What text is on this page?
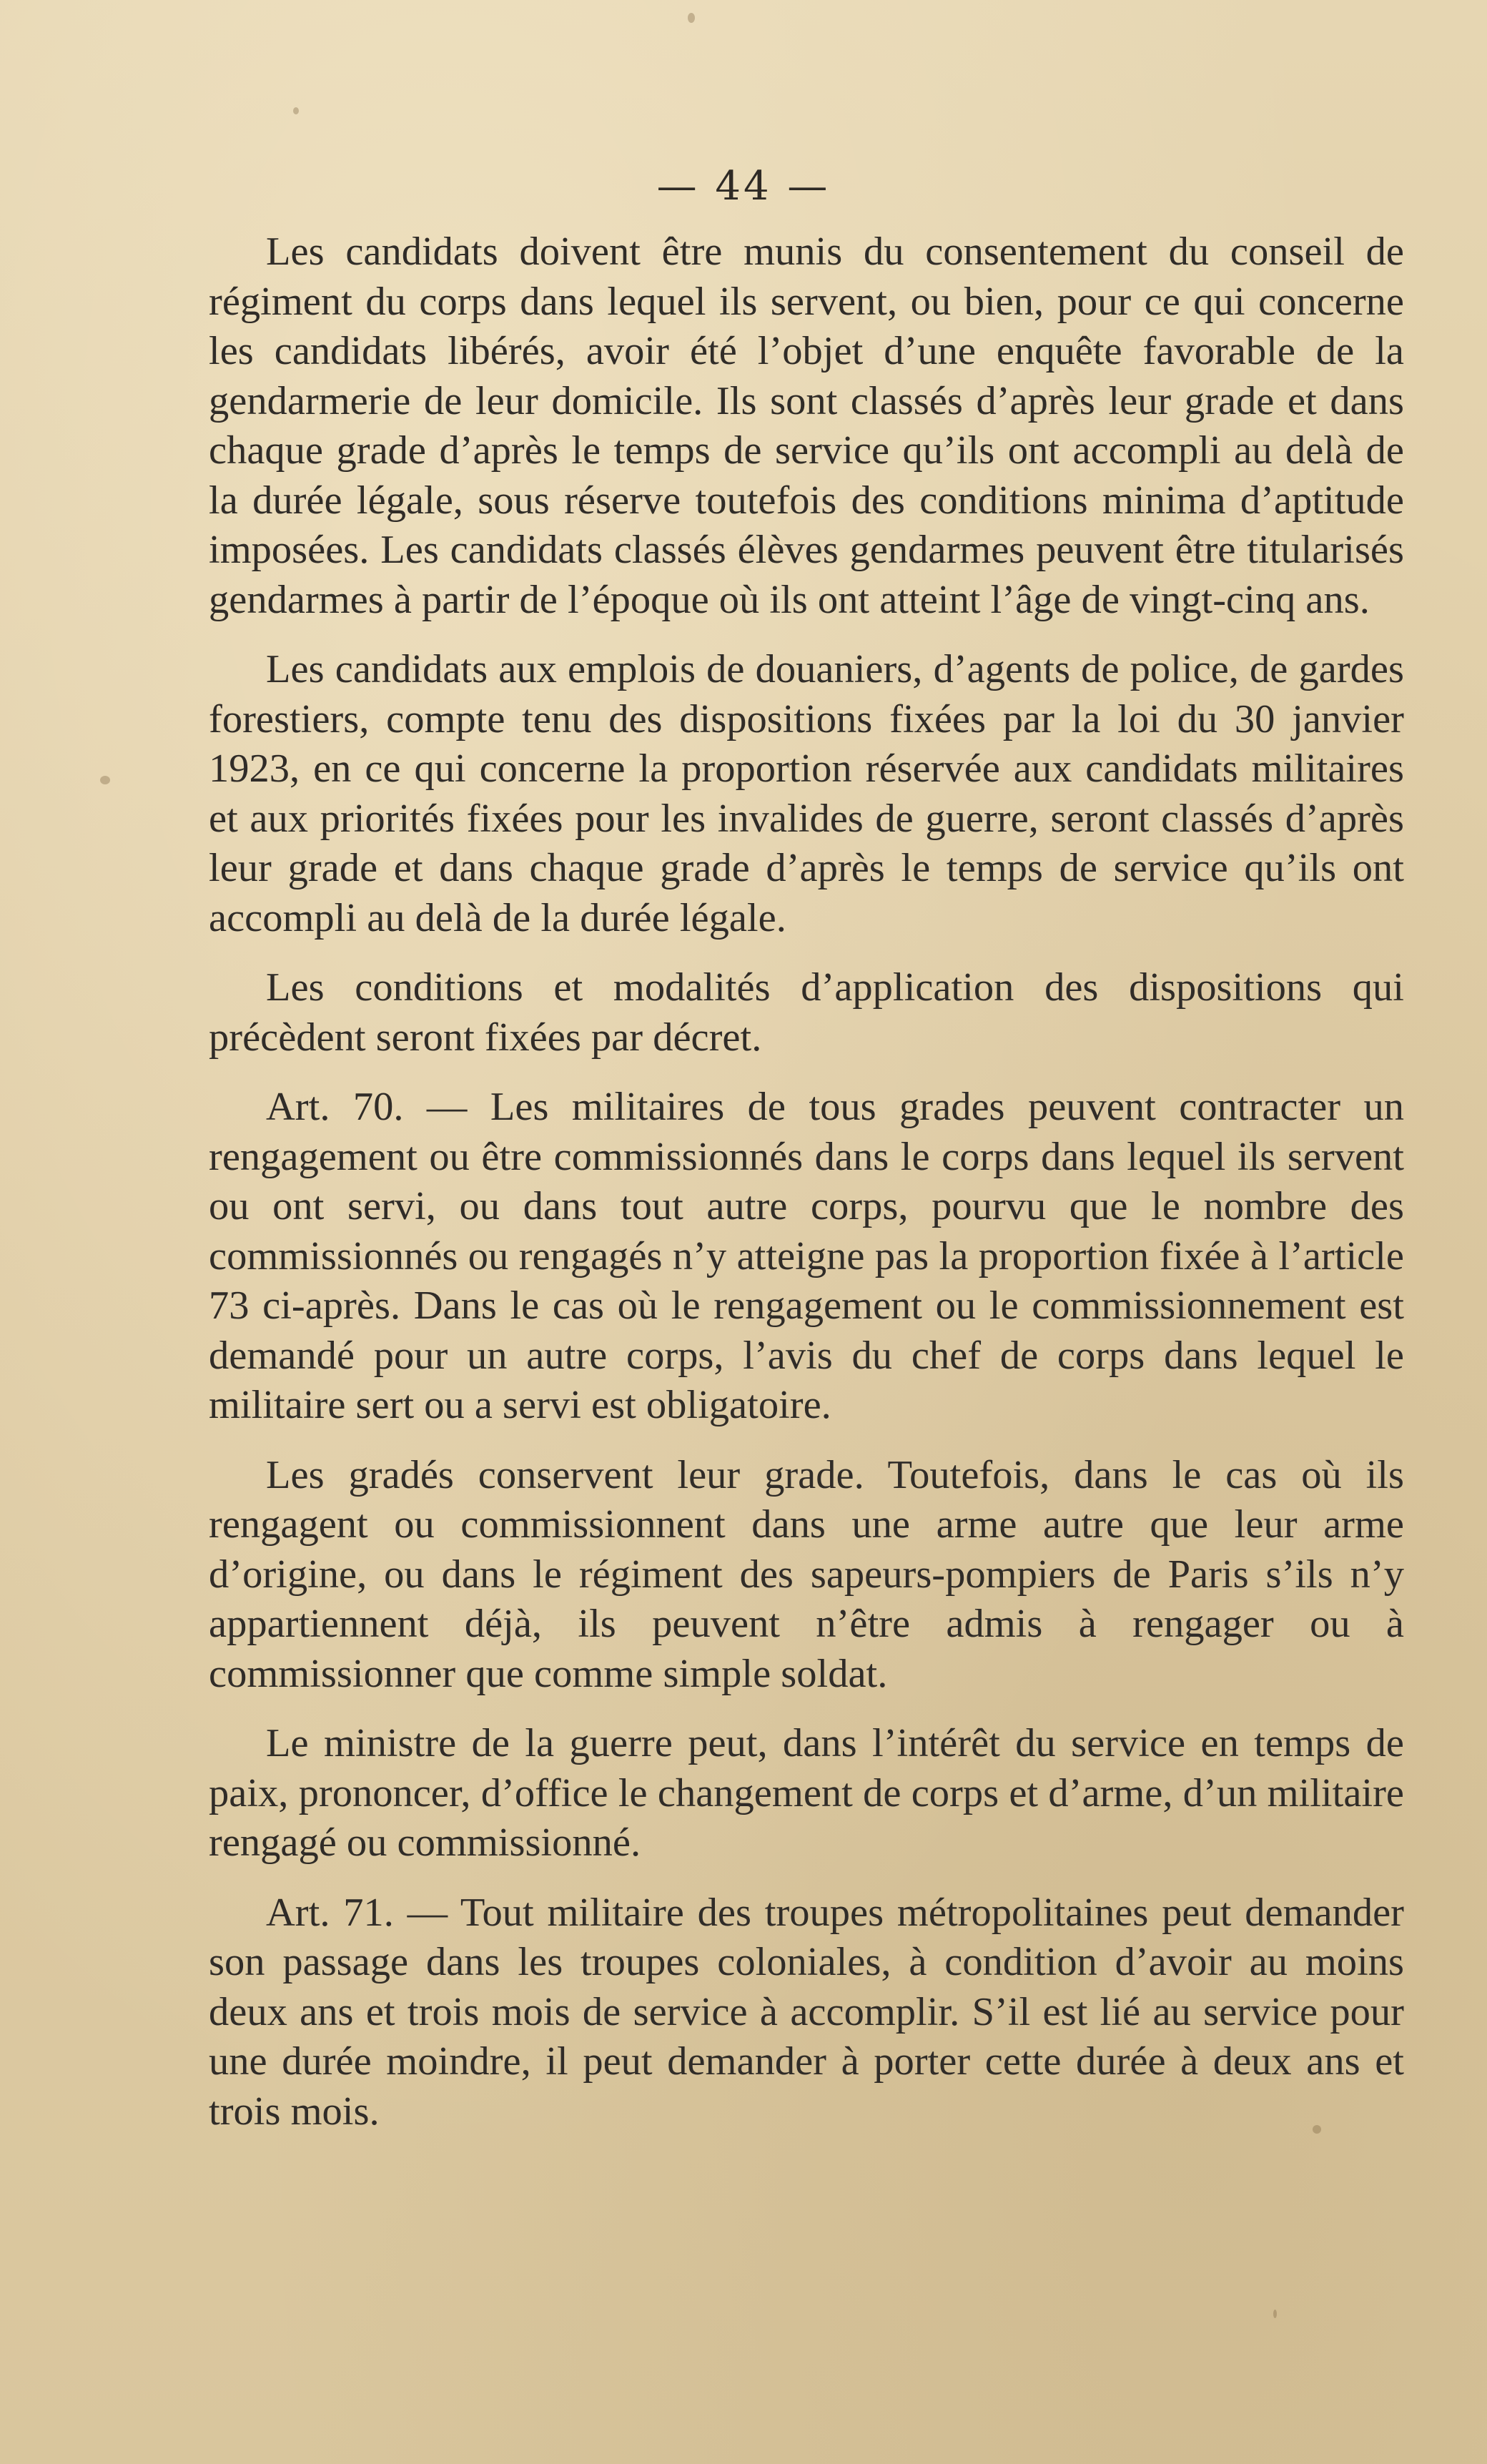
— 44 —

Les candidats doivent être munis du consentement du conseil de régiment du corps dans lequel ils servent, ou bien, pour ce qui concerne les candidats libérés, avoir été l’objet d’une enquête favorable de la gendarmerie de leur domicile. Ils sont classés d’après leur grade et dans chaque grade d’après le temps de service qu’ils ont accompli au delà de la durée légale, sous réserve toutefois des conditions minima d’aptitude imposées. Les candidats classés élèves gendarmes peuvent être titularisés gendarmes à partir de l’époque où ils ont atteint l’âge de vingt-cinq ans.

Les candidats aux emplois de douaniers, d’agents de police, de gardes forestiers, compte tenu des dispositions fixées par la loi du 30 janvier 1923, en ce qui concerne la proportion réservée aux candidats militaires et aux priorités fixées pour les invalides de guerre, seront classés d’après leur grade et dans chaque grade d’après le temps de service qu’ils ont accompli au delà de la durée légale.

Les conditions et modalités d’application des dispositions qui précèdent seront fixées par décret.

Art. 70. — Les militaires de tous grades peuvent contracter un rengagement ou être commissionnés dans le corps dans lequel ils servent ou ont servi, ou dans tout autre corps, pourvu que le nombre des commissionnés ou rengagés n’y atteigne pas la proportion fixée à l’article 73 ci-après. Dans le cas où le rengagement ou le commissionnement est demandé pour un autre corps, l’avis du chef de corps dans lequel le militaire sert ou a servi est obligatoire.

Les gradés conservent leur grade. Toutefois, dans le cas où ils rengagent ou commissionnent dans une arme autre que leur arme d’origine, ou dans le régiment des sapeurs-pompiers de Paris s’ils n’y appartiennent déjà, ils peuvent n’être admis à rengager ou à commissionner que comme simple soldat.

Le ministre de la guerre peut, dans l’intérêt du service en temps de paix, prononcer, d’office le changement de corps et d’arme, d’un militaire rengagé ou commissionné.

Art. 71. — Tout militaire des troupes métropolitaines peut demander son passage dans les troupes coloniales, à condition d’avoir au moins deux ans et trois mois de service à accomplir. S’il est lié au service pour une durée moindre, il peut demander à porter cette durée à deux ans et trois mois.
